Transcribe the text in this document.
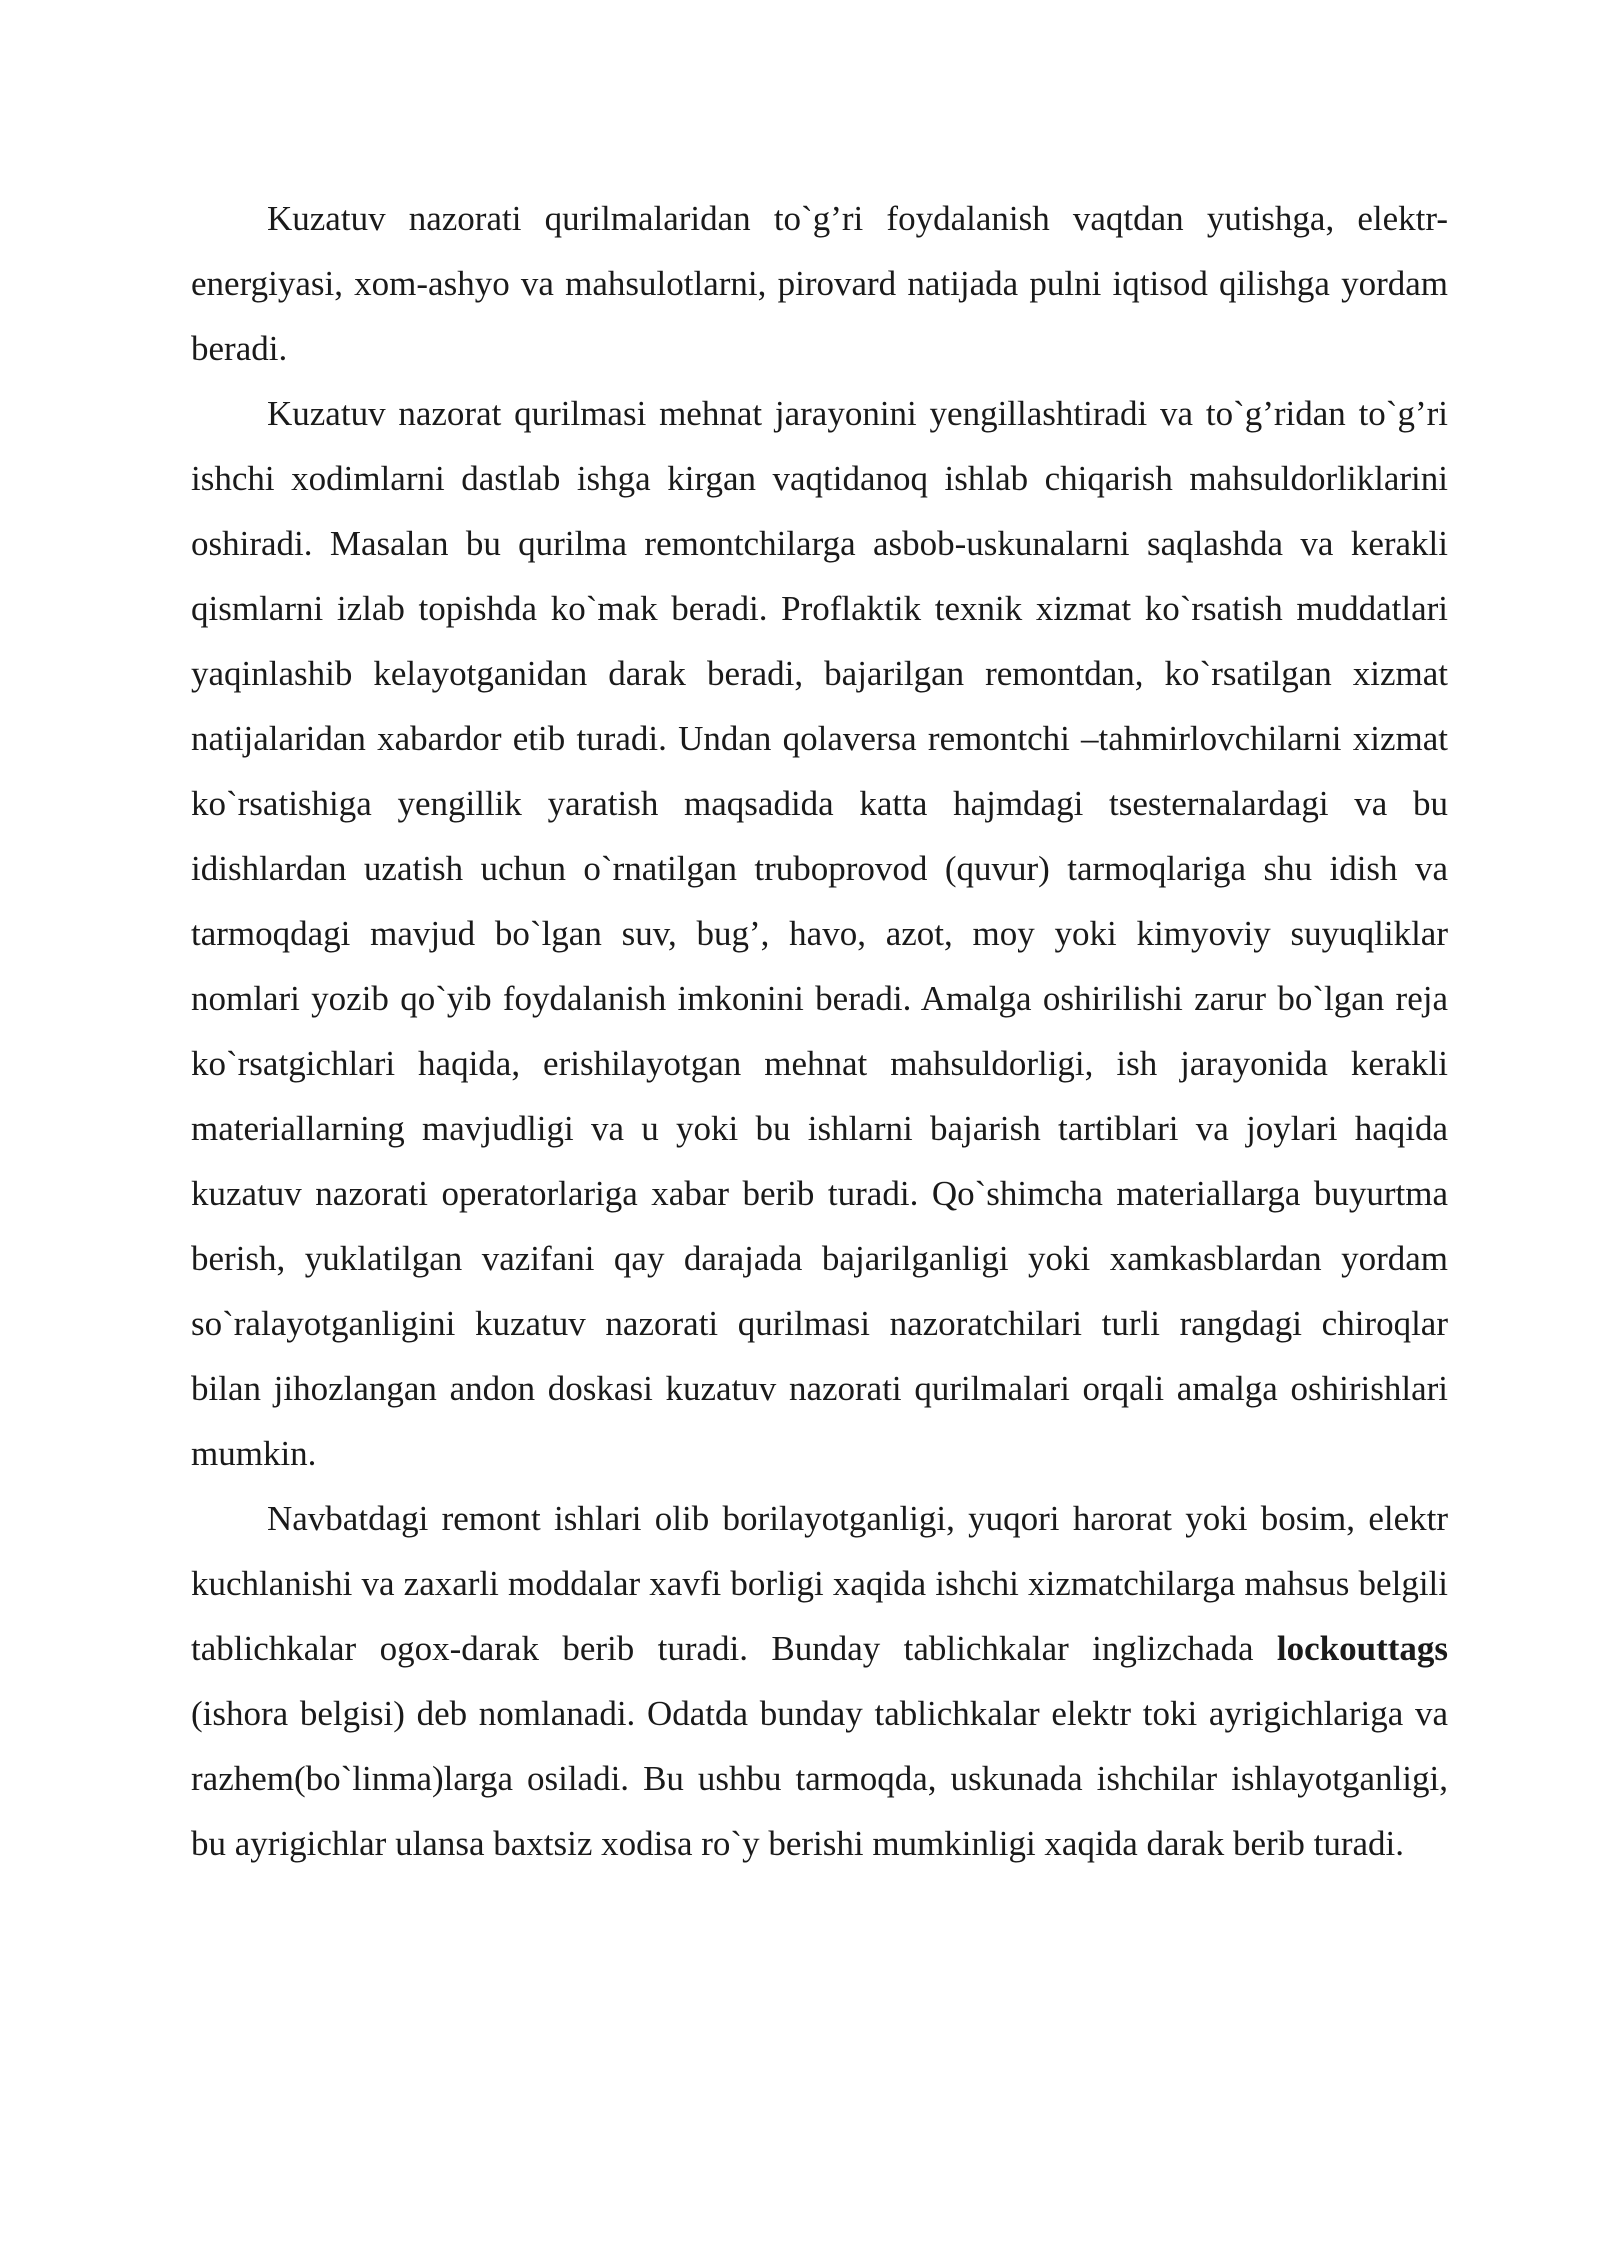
Kuzatuv nazorati qurilmalaridan to`g’ri foydalanish vaqtdan yutishga, elektr-energiyasi, xom-ashyo va mahsulotlarni, pirovard natijada pulni iqtisod qilishga yordam beradi.

Kuzatuv nazorat qurilmasi mehnat jarayonini yengillashtiradi va to`g’ridan to`g’ri ishchi xodimlarni dastlab ishga kirgan vaqtidanoq ishlab chiqarish mahsuldorliklarini oshiradi. Masalan bu qurilma remontchilarga asbob-uskunalarni saqlashda va kerakli qismlarni izlab topishda ko`mak beradi. Proflaktik texnik xizmat ko`rsatish muddatlari yaqinlashib kelayotganidan darak beradi, bajarilgan remontdan, ko`rsatilgan xizmat natijalaridan xabardor etib turadi. Undan qolaversa remontchi –tahmirlovchilarni xizmat ko`rsatishiga yengillik yaratish maqsadida katta hajmdagi tsesternalardagi va bu idishlardan uzatish uchun o`rnatilgan truboprovod (quvur) tarmoqlariga shu idish va tarmoqdagi mavjud bo`lgan suv, bug’, havo, azot, moy yoki kimyoviy suyuqliklar nomlari yozib qo`yib foydalanish imkonini beradi. Amalga oshirilishi zarur bo`lgan reja ko`rsatgichlari haqida, erishilayotgan mehnat mahsuldorligi, ish jarayonida kerakli materiallarning mavjudligi va u yoki bu ishlarni bajarish tartiblari va joylari haqida kuzatuv nazorati operatorlariga xabar berib turadi. Qo`shimcha materiallarga buyurtma berish, yuklatilgan vazifani qay darajada bajarilganligi yoki xamkasblardan yordam so`ralayotganligini kuzatuv nazorati qurilmasi nazoratchilari turli rangdagi chiroqlar bilan jihozlangan andon doskasi kuzatuv nazorati qurilmalari orqali amalga oshirishlari mumkin.

Navbatdagi remont ishlari olib borilayotganligi, yuqori harorat yoki bosim, elektr kuchlanishi va zaxarli moddalar xavfi borligi xaqida ishchi xizmatchilarga mahsus belgili tablichkalar ogox-darak berib turadi. Bunday tablichkalar inglizchada lockouttags (ishora belgisi) deb nomlanadi. Odatda bunday tablichkalar elektr toki ayrigichlariga va razhem(bo`linma)larga osiladi. Bu ushbu tarmoqda, uskunada ishchilar ishlayotganligi, bu ayrigichlar ulansa baxtsiz xodisa ro`y berishi mumkinligi xaqida darak berib turadi.
